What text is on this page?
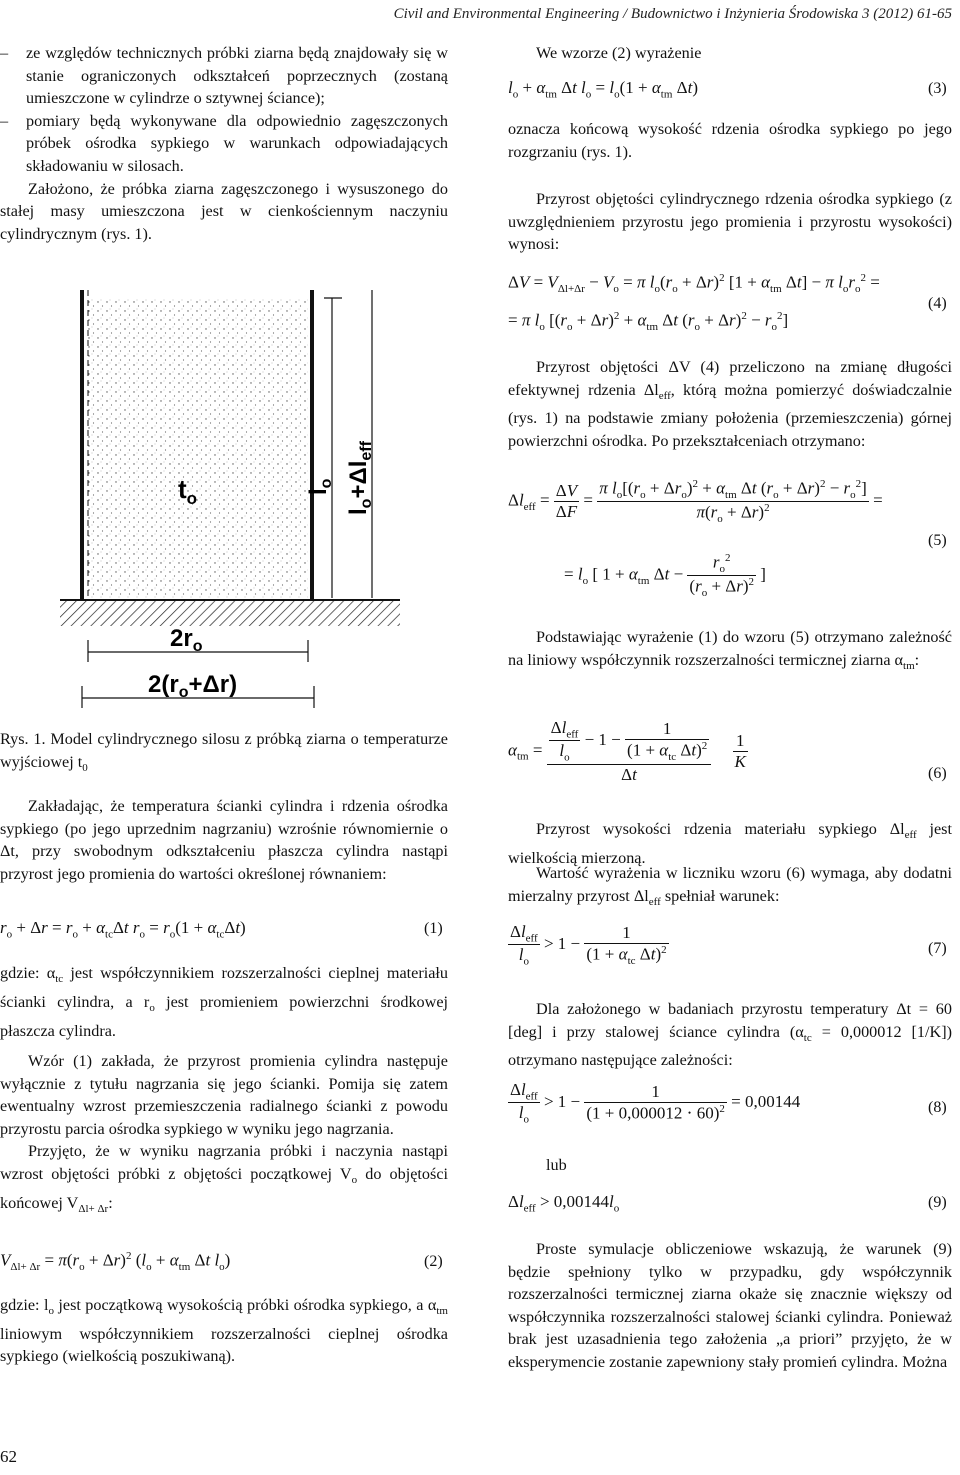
Civil and Environmental Engineering / Budownictwo i Inżynieria Środowiska 3 (2012) 61-65
–	ze względów technicznych próbki ziarna będą znajdowały się w stanie ograniczonych odkształceń poprzecznych (zostaną umieszczone w cylindrze o sztywnej ściance);
–	pomiary będą wykonywane dla odpowiednio zagęszczonych próbek ośrodka sypkiego w warunkach odpowiadających składowaniu w silosach.

Założono, że próbka ziarna zagęszczonego i wysuszonego do stałej masy umieszczona jest w cienkościennym naczyniu cylindrycznym (rys. 1).

$t_o$	$l_o$
$l_o+\Delta l_{eff}$
$2r_o$
$2(r_o+\Delta r)$
Rys. 1. Model cylindrycznego silosu z próbką ziarna o temperaturze wyjściowej $t_0$

Zakładając, że temperatura ścianki cylindra i rdzenia ośrodka sypkiego (po jego uprzednim nagrzaniu) wzrośnie równomiernie o Δt, przy swobodnym odkształceniu płaszcza cylindra nastąpi przyrost jego promienia do wartości określonej równaniem:

$r_o + \Delta r = r_o + \alpha_{tc}\Delta t$ $r_o = r_o(1 + \alpha_{tc}\Delta t)$	(1)
gdzie: $\alpha_{tc}$ jest współczynnikiem rozszerzalności cieplnej materiału ścianki cylindra, a $r_o$ jest promieniem powierzchni środkowej płaszcza cylindra.

Wzór (1) zakłada, że przyrost promienia cylindra następuje wyłącznie z tytułu nagrzania się jego ścianki. Pomija się zatem ewentualny wzrost przemieszczenia radialnego ścianki z powodu przyrostu parcia ośrodka sypkiego w wyniku jego nagrzania.

Przyjęto, że w wyniku nagrzania próbki i naczynia nastąpi wzrost objętości próbki z objętości początkowej $V_o$ do objętości końcowej $V_{\Delta l+ \Delta r}$:

$V_{\Delta l+ \Delta r} = \pi(r_o + \Delta r)^2$ ($l_o + \alpha_{tm}$ Δt $l_o$)	(2)
gdzie: $l_o$ jest początkową wysokością próbki ośrodka sypkiego, a $\alpha_{tm}$ liniowym współczynnikiem rozszerzalności cieplnej ośrodka sypkiego (wielkością poszukiwaną).
62
We wzorze (2) wyrażenie
$l_o + \alpha_{tm}$ Δt $l_o = l_o(1 + \alpha_{tm}$ Δt)	(3)
oznacza końcową wysokość rdzenia ośrodka sypkiego po jego rozgrzaniu (rys. 1).
Przyrost objętości cylindrycznego rdzenia ośrodka sypkiego (z uwzględnieniem przyrostu jego promienia i przyrostu wysokości) wynosi:
$\Delta V = V_{\Delta l+\Delta r} - V_o = \pi$ $l_o(r_o + \Delta r)^2$ [$1 + \alpha_{tm}$ Δt] − π $l_or_o^2$ =
= π $l_o$ [$(r_o + \Delta r)^2 + \alpha_{tm}$ Δt $(r_o + \Delta r)^2 - r_o^2$]
(4)
Przyrost objętości ΔV (4) przeliczono na zmianę długości efektywnej rdzenia $\Delta l_{eff}$, którą można pomierzyć doświadczalnie (rys. 1) na podstawie zmiany położenia (przemieszczenia) górnej powierzchni ośrodka. Po przekształceniach otrzymano:
$\Delta l_{eff} = \frac{\Delta V}{\Delta F} = \frac{\pi l_o[(r_o + \Delta r_o)^2 + \alpha_{tm} \Delta t (r_o + \Delta r)^2 - r_o^2]}{\pi(r_o + \Delta r)^2}$ =
= $l_o$ [ $1 + \alpha_{tm}$ $\Delta t - \frac{r_o^2}{(r_o + \Delta r)^2}$ ]
(5)
Podstawiając wyrażenie (1) do wzoru (5) otrzymano zależność na liniowy współczynnik rozszerzalności termicznej ziarna $\alpha_{tm}$:
$\alpha_{tm} = \frac{\frac{\Delta l_{eff}}{l_o} - 1 - \frac{1}{(1 + \alpha_{tc} \Delta t)^2}}{\Delta t}$
$\frac{1}{K}$
(6)
Przyrost wysokości rdzenia materiału sypkiego $\Delta l_{eff}$ jest wielkością mierzoną.
Wartość wyrażenia w liczniku wzoru (6) wymaga, aby dodatni mierzalny przyrost $\Delta l_{eff}$ spełniał warunek:
$\frac{\Delta l_{eff}}{l_o} > 1 - \frac{1}{(1 + \alpha_{tc} \Delta t)^2}$	(7)
Dla założonego w badaniach przyrostu temperatury Δt = 60 [deg] i przy stalowej ściance cylindra ($\alpha_{tc} = 0,000012$ [1/K]) otrzymano następujące zależności:
$\frac{\Delta l_{eff}}{l_o} > 1 - \frac{1}{(1 + 0,000012 \cdot 60)^2} = 0,00144$	(8)
lub
$\Delta l_{eff} > 0,00144l_o$	(9)
Proste symulacje obliczeniowe wskazują, że warunek (9) będzie spełniony tylko w przypadku, gdy współczynnik rozszerzalności termicznej ziarna okaże się znacznie większy od współczynnika rozszerzalności stalowej ścianki cylindra. Ponieważ brak jest uzasadnienia tego założenia „a priori” przyjęto, że w eksperymencie zostanie zapewniony stały promień cylindra. Można
